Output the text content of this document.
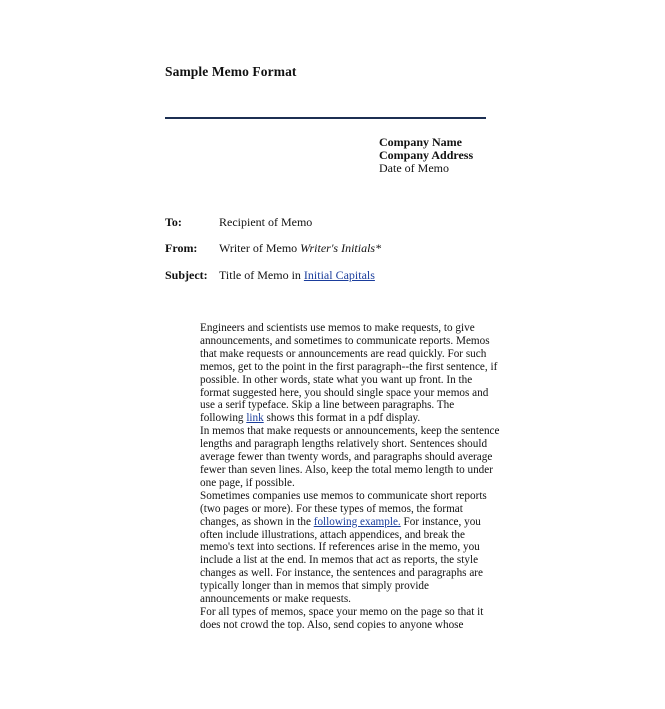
Sample Memo Format
Company Name
Company Address
Date of Memo
To:	Recipient of Memo
From: Writer of Memo Writer's Initials*
Subject: Title of Memo in Initial Capitals

Engineers and scientists use memos to make requests, to give announcements, and sometimes to communicate reports. Memos that make requests or announcements are read quickly. For such memos, get to the point in the first paragraph--the first sentence, if possible. In other words, state what you want up front. In the format suggested here, you should single space your memos and use a serif typeface. Skip a line between paragraphs. The following link shows this format in a pdf display.

In memos that make requests or announcements, keep the sentence lengths and paragraph lengths relatively short. Sentences should average fewer than twenty words, and paragraphs should average fewer than seven lines. Also, keep the total memo length to under one page, if possible.

Sometimes companies use memos to communicate short reports (two pages or more). For these types of memos, the format changes, as shown in the following example. For instance, you often include illustrations, attach appendices, and break the memo's text into sections. If references arise in the memo, you include a list at the end. In memos that act as reports, the style changes as well. For instance, the sentences and paragraphs are typically longer than in memos that simply provide announcements or make requests.

For all types of memos, space your memo on the page so that it does not crowd the top. Also, send copies to anyone whose
